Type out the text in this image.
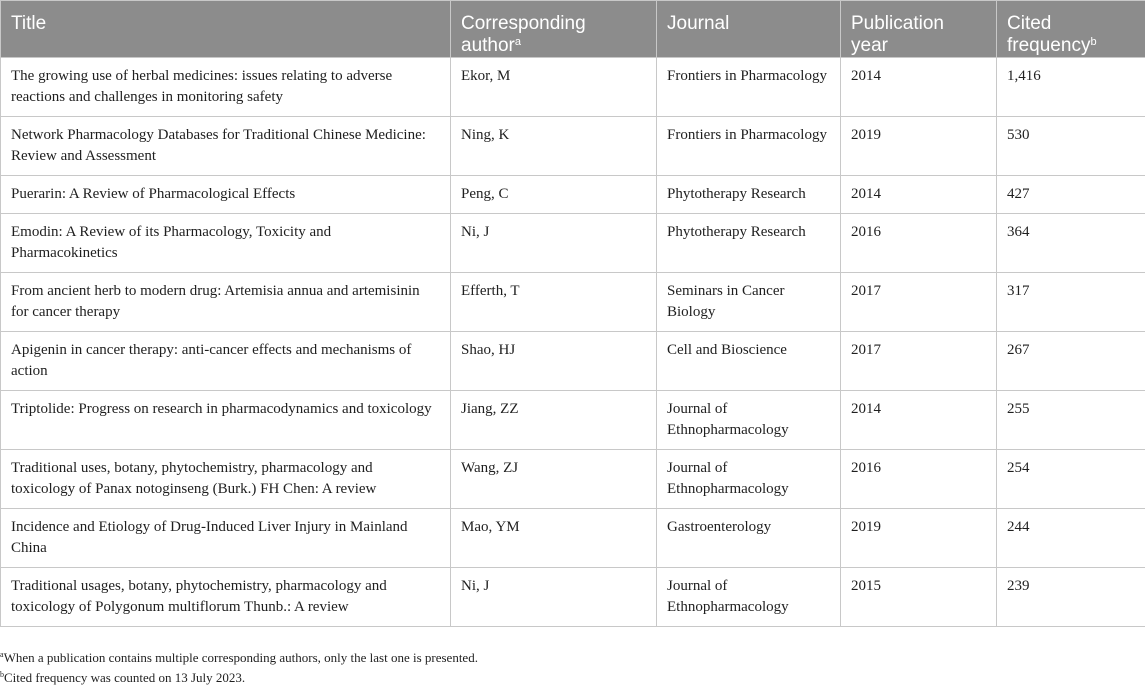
Title	Corresponding author$^a$	Journal	Publication year	Cited frequency$^b$
The growing use of herbal medicines: issues relating to adverse reactions and challenges in monitoring safety	Ekor, M	Frontiers in Pharmacology	2014	1,416
Network Pharmacology Databases for Traditional Chinese Medicine: Review and Assessment	Ning, K	Frontiers in Pharmacology	2019	530
Puerarin: A Review of Pharmacological Effects	Peng, C	Phytotherapy Research	2014	427
Emodin: A Review of its Pharmacology, Toxicity and Pharmacokinetics	Ni, J	Phytotherapy Research	2016	364
From ancient herb to modern drug: Artemisia annua and artemisinin for cancer therapy	Efferth, T	Seminars in Cancer Biology	2017	317
Apigenin in cancer therapy: anti-cancer effects and mechanisms of action	Shao, HJ	Cell and Bioscience	2017	267
Triptolide: Progress on research in pharmacodynamics and toxicology	Jiang, ZZ	Journal of Ethnopharmacology	2014	255
Traditional uses, botany, phytochemistry, pharmacology and toxicology of Panax notoginseng (Burk.) FH Chen: A review	Wang, ZJ	Journal of Ethnopharmacology	2016	254
Incidence and Etiology of Drug-Induced Liver Injury in Mainland China	Mao, YM	Gastroenterology	2019	244
Traditional usages, botany, phytochemistry, pharmacology and toxicology of Polygonum multiflorum Thunb.: A review	Ni, J	Journal of Ethnopharmacology	2015	239
$^a$When a publication contains multiple corresponding authors, only the last one is presented.
$^b$Cited frequency was counted on 13 July 2023.
